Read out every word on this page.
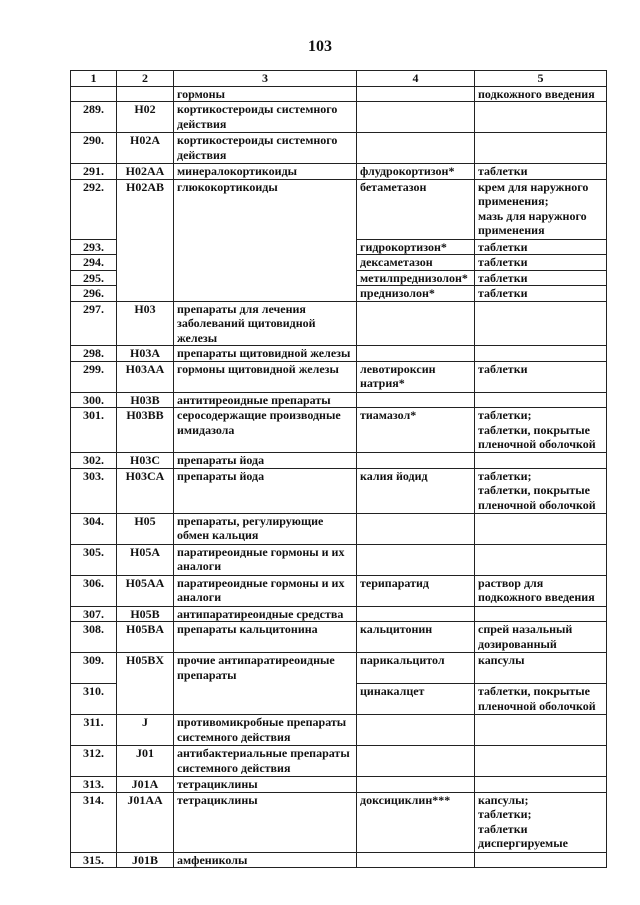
103
1	2	3	4	5
		гормоны		подкожного введения
289.	H02	кортикостероиды системного действия		
290.	H02A	кортикостероиды системного действия		
291.	H02AA	минералокортикоиды	флудрокортизон*	таблетки
292.	H02AB	глюкокортикоиды	бетаметазон	крем для наружного применения;
мазь для наружного применения
293.			гидрокортизон*	таблетки
294.			дексаметазон	таблетки
295.			метилпреднизолон*	таблетки
296.			преднизолон*	таблетки
297.	H03	препараты для лечения заболеваний щитовидной железы		
298.	H03A	препараты щитовидной железы		
299.	H03AA	гормоны щитовидной железы	левотироксин натрия*	таблетки
300.	H03B	антитиреоидные препараты		
301.	H03BB	серосодержащие производные имидазола	тиамазол*	таблетки;
таблетки, покрытые пленочной оболочкой
302.	H03C	препараты йода		
303.	H03CA	препараты йода	калия йодид	таблетки;
таблетки, покрытые пленочной оболочкой
304.	H05	препараты, регулирующие обмен кальция		
305.	H05A	паратиреоидные гормоны и их аналоги		
306.	H05AA	паратиреоидные гормоны и их аналоги	терипаратид	раствор для подкожного введения
307.	H05B	антипаратиреоидные средства		
308.	H05BA	препараты кальцитонина	кальцитонин	спрей назальный дозированный
309.	H05BX	прочие антипаратиреоидные препараты	парикальцитол	капсулы
310.			цинакалцет	таблетки, покрытые пленочной оболочкой
311.	J	противомикробные препараты системного действия		
312.	J01	антибактериальные препараты системного действия		
313.	J01A	тетрациклины		
314.	J01AA	тетрациклины	доксициклин***	капсулы;
таблетки;
таблетки диспергируемые
315.	J01B	амфениколы		
